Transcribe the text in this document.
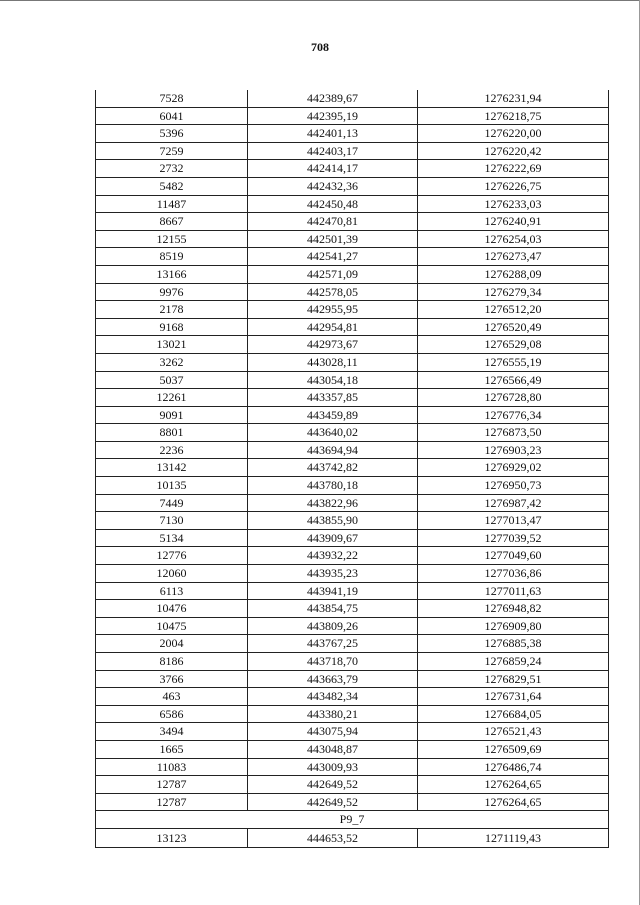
708
7528	442389,67	1276231,94
6041	442395,19	1276218,75
5396	442401,13	1276220,00
7259	442403,17	1276220,42
2732	442414,17	1276222,69
5482	442432,36	1276226,75
11487	442450,48	1276233,03
8667	442470,81	1276240,91
12155	442501,39	1276254,03
8519	442541,27	1276273,47
13166	442571,09	1276288,09
9976	442578,05	1276279,34
2178	442955,95	1276512,20
9168	442954,81	1276520,49
13021	442973,67	1276529,08
3262	443028,11	1276555,19
5037	443054,18	1276566,49
12261	443357,85	1276728,80
9091	443459,89	1276776,34
8801	443640,02	1276873,50
2236	443694,94	1276903,23
13142	443742,82	1276929,02
10135	443780,18	1276950,73
7449	443822,96	1276987,42
7130	443855,90	1277013,47
5134	443909,67	1277039,52
12776	443932,22	1277049,60
12060	443935,23	1277036,86
6113	443941,19	1277011,63
10476	443854,75	1276948,82
10475	443809,26	1276909,80
2004	443767,25	1276885,38
8186	443718,70	1276859,24
3766	443663,79	1276829,51
463	443482,34	1276731,64
6586	443380,21	1276684,05
3494	443075,94	1276521,43
1665	443048,87	1276509,69
11083	443009,93	1276486,74
12787	442649,52	1276264,65
12787	442649,52	1276264,65
Р9_7		
13123	444653,52	1271119,43
